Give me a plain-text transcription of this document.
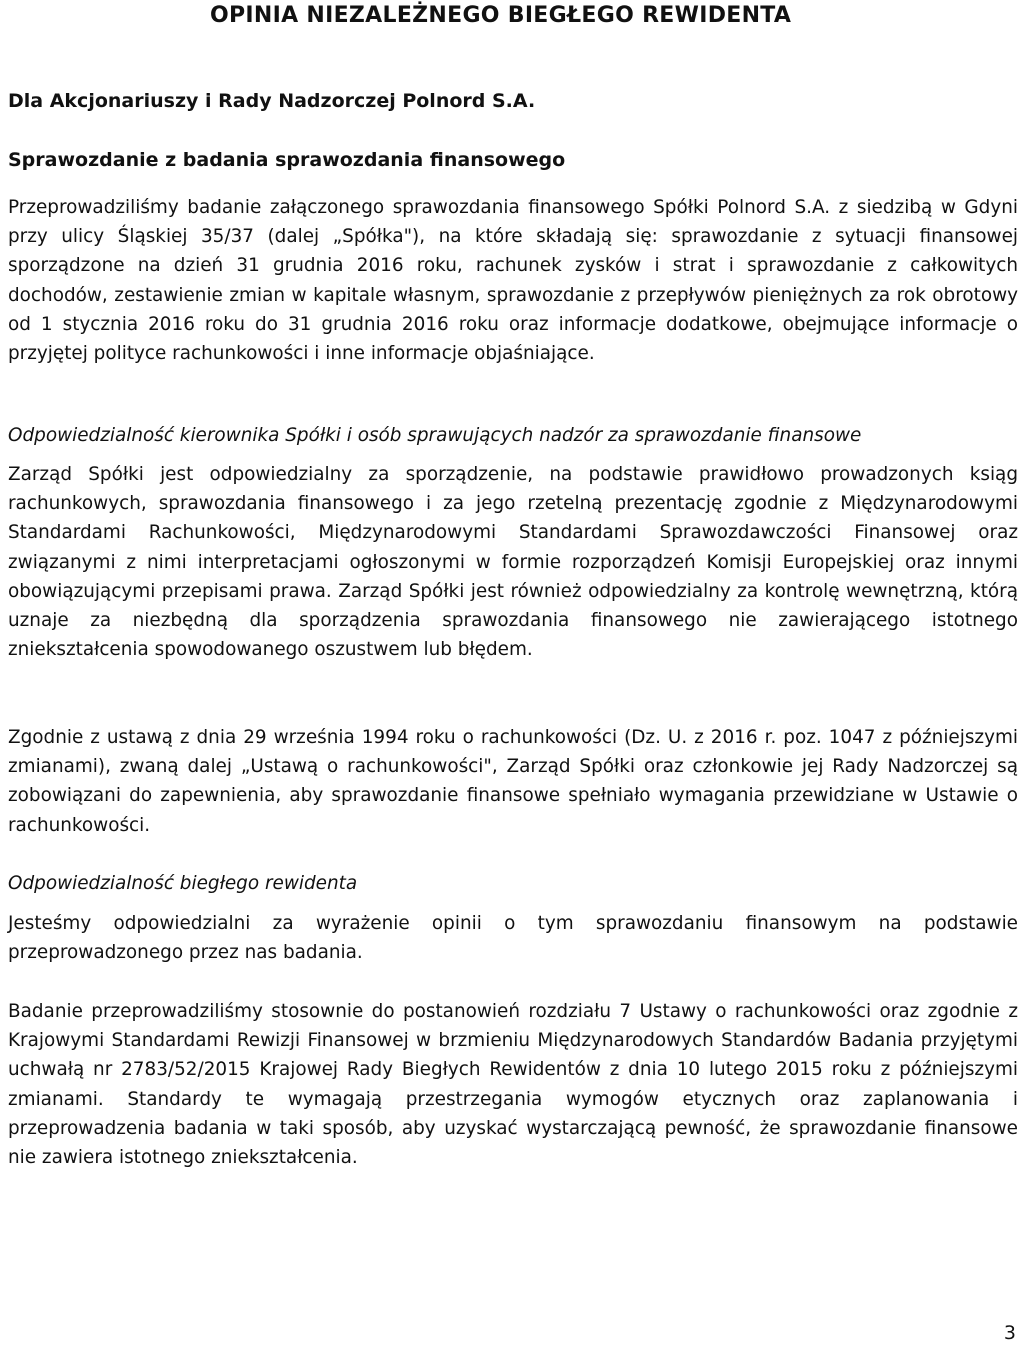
OPINIA NIEZALEŻNEGO BIEGŁEGO REWIDENTA
Dla Akcjonariuszy i Rady Nadzorczej Polnord S.A.
Sprawozdanie z badania sprawozdania finansowego

Przeprowadziliśmy badanie załączonego sprawozdania finansowego Spółki Polnord S.A. z siedzibą w Gdyni przy ulicy Śląskiej 35/37 (dalej „Spółka"), na które składają się: sprawozdanie z sytuacji finansowej sporządzone na dzień 31 grudnia 2016 roku, rachunek zysków i strat i sprawozdanie z całkowitych dochodów, zestawienie zmian w kapitale własnym, sprawozdanie z przepływów pieniężnych za rok obrotowy od 1 stycznia 2016 roku do 31 grudnia 2016 roku oraz informacje dodatkowe, obejmujące informacje o przyjętej polityce rachunkowości i inne informacje objaśniające.

Odpowiedzialność kierownika Spółki i osób sprawujących nadzór za sprawozdanie finansowe

Zarząd Spółki jest odpowiedzialny za sporządzenie, na podstawie prawidłowo prowadzonych ksiąg rachunkowych, sprawozdania finansowego i za jego rzetelną prezentację zgodnie z Międzynarodowymi Standardami Rachunkowości, Międzynarodowymi Standardami Sprawozdawczości Finansowej oraz związanymi z nimi interpretacjami ogłoszonymi w formie rozporządzeń Komisji Europejskiej oraz innymi obowiązującymi przepisami prawa. Zarząd Spółki jest również odpowiedzialny za kontrolę wewnętrzną, którą uznaje za niezbędną dla sporządzenia sprawozdania finansowego nie zawierającego istotnego zniekształcenia spowodowanego oszustwem lub błędem.

Zgodnie z ustawą z dnia 29 września 1994 roku o rachunkowości (Dz. U. z 2016 r. poz. 1047 z późniejszymi zmianami), zwaną dalej „Ustawą o rachunkowości", Zarząd Spółki oraz członkowie jej Rady Nadzorczej są zobowiązani do zapewnienia, aby sprawozdanie finansowe spełniało wymagania przewidziane w Ustawie o rachunkowości.

Odpowiedzialność biegłego rewidenta

Jesteśmy odpowiedzialni za wyrażenie opinii o tym sprawozdaniu finansowym na podstawie przeprowadzonego przez nas badania.

Badanie przeprowadziliśmy stosownie do postanowień rozdziału 7 Ustawy o rachunkowości oraz zgodnie z Krajowymi Standardami Rewizji Finansowej w brzmieniu Międzynarodowych Standardów Badania przyjętymi uchwałą nr 2783/52/2015 Krajowej Rady Biegłych Rewidentów z dnia 10 lutego 2015 roku z późniejszymi zmianami. Standardy te wymagają przestrzegania wymogów etycznych oraz zaplanowania i przeprowadzenia badania w taki sposób, aby uzyskać wystarczającą pewność, że sprawozdanie finansowe nie zawiera istotnego zniekształcenia.

3
